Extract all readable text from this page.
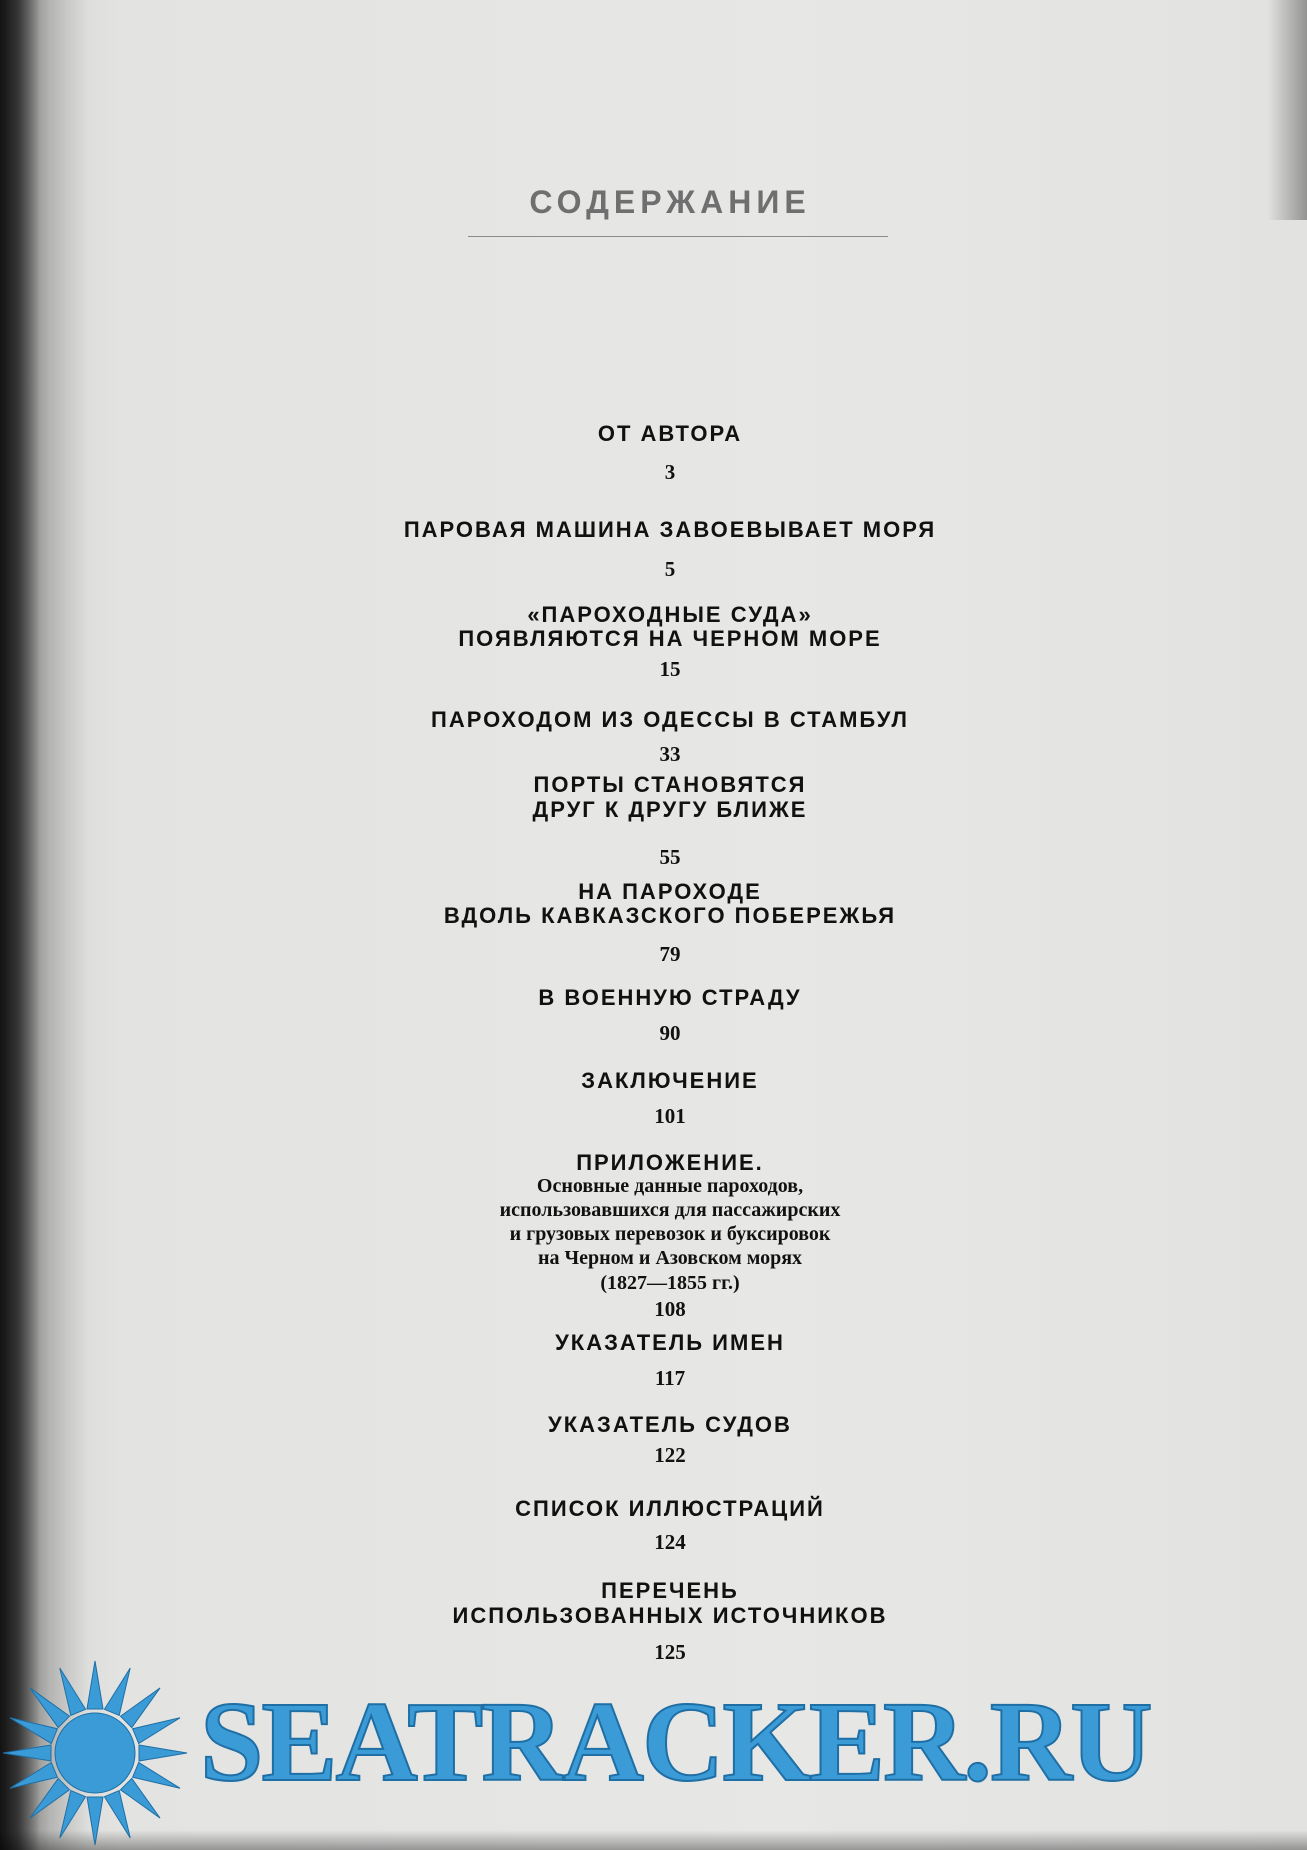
СОДЕРЖАНИЕ
ОТ АВТОРА
3
ПАРОВАЯ МАШИНА ЗАВОЕВЫВАЕТ МОРЯ
5
«ПАРОХОДНЫЕ СУДА»
ПОЯВЛЯЮТСЯ НА ЧЕРНОМ МОРЕ
15
ПАРОХОДОМ ИЗ ОДЕССЫ В СТАМБУЛ
33
ПОРТЫ СТАНОВЯТСЯ
ДРУГ К ДРУГУ БЛИЖЕ
55
НА ПАРОХОДЕ
ВДОЛЬ КАВКАЗСКОГО ПОБЕРЕЖЬЯ
79
В ВОЕННУЮ СТРАДУ
90
ЗАКЛЮЧЕНИЕ
101
ПРИЛОЖЕНИЕ.
Основные данные пароходов,
использовавшихся для пассажирских
и грузовых перевозок и буксировок
на Черном и Азовском морях
(1827—1855 гг.)
108
УКАЗАТЕЛЬ ИМЕН
117
УКАЗАТЕЛЬ СУДОВ
122
СПИСОК ИЛЛЮСТРАЦИЙ
124
ПЕРЕЧЕНЬ
ИСПОЛЬЗОВАННЫХ ИСТОЧНИКОВ
125
SEATRACKER.RU
